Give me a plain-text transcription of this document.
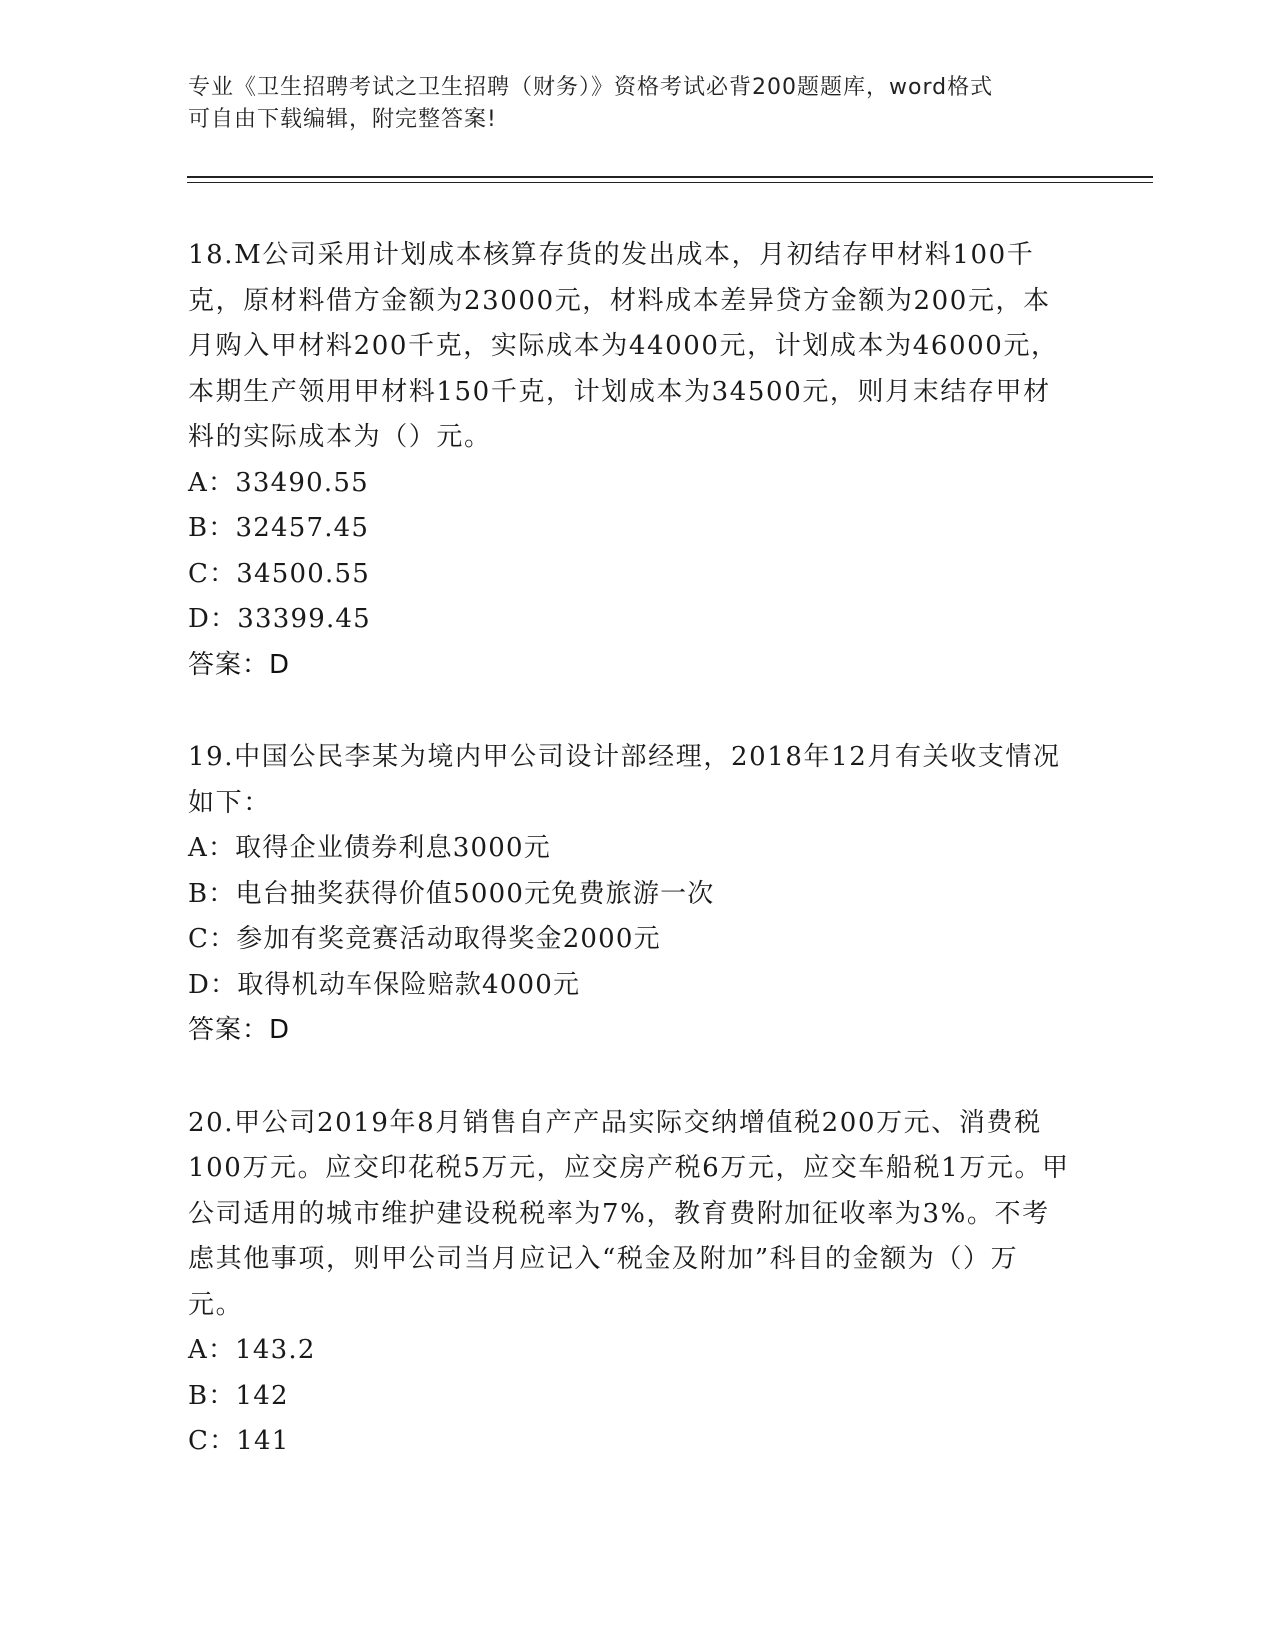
专业《卫生招聘考试之卫生招聘（财务）》资格考试必背200题题库，word格式
可自由下载编辑，附完整答案!

18.M公司采用计划成本核算存货的发出成本，月初结存甲材料100千克，原材料借方金额为23000元，材料成本差异贷方金额为200元，本月购入甲材料200千克，实际成本为44000元，计划成本为46000元，本期生产领用甲材料150千克，计划成本为34500元，则月末结存甲材料的实际成本为（）元。

A：33490.55

B：32457.45

C：34500.55

D：33399.45

答案：D

19.中国公民李某为境内甲公司设计部经理，2018年12月有关收支情况如下：

A：取得企业债券利息3000元

B：电台抽奖获得价值5000元免费旅游一次

C：参加有奖竞赛活动取得奖金2000元

D：取得机动车保险赔款4000元

答案：D

20.甲公司2019年8月销售自产产品实际交纳增值税200万元、消费税100万元。应交印花税5万元，应交房产税6万元，应交车船税1万元。甲公司适用的城市维护建设税税率为7%，教育费附加征收率为3%。不考虑其他事项，则甲公司当月应记入“税金及附加”科目的金额为（）万元。

A：143.2

B：142

C：141
